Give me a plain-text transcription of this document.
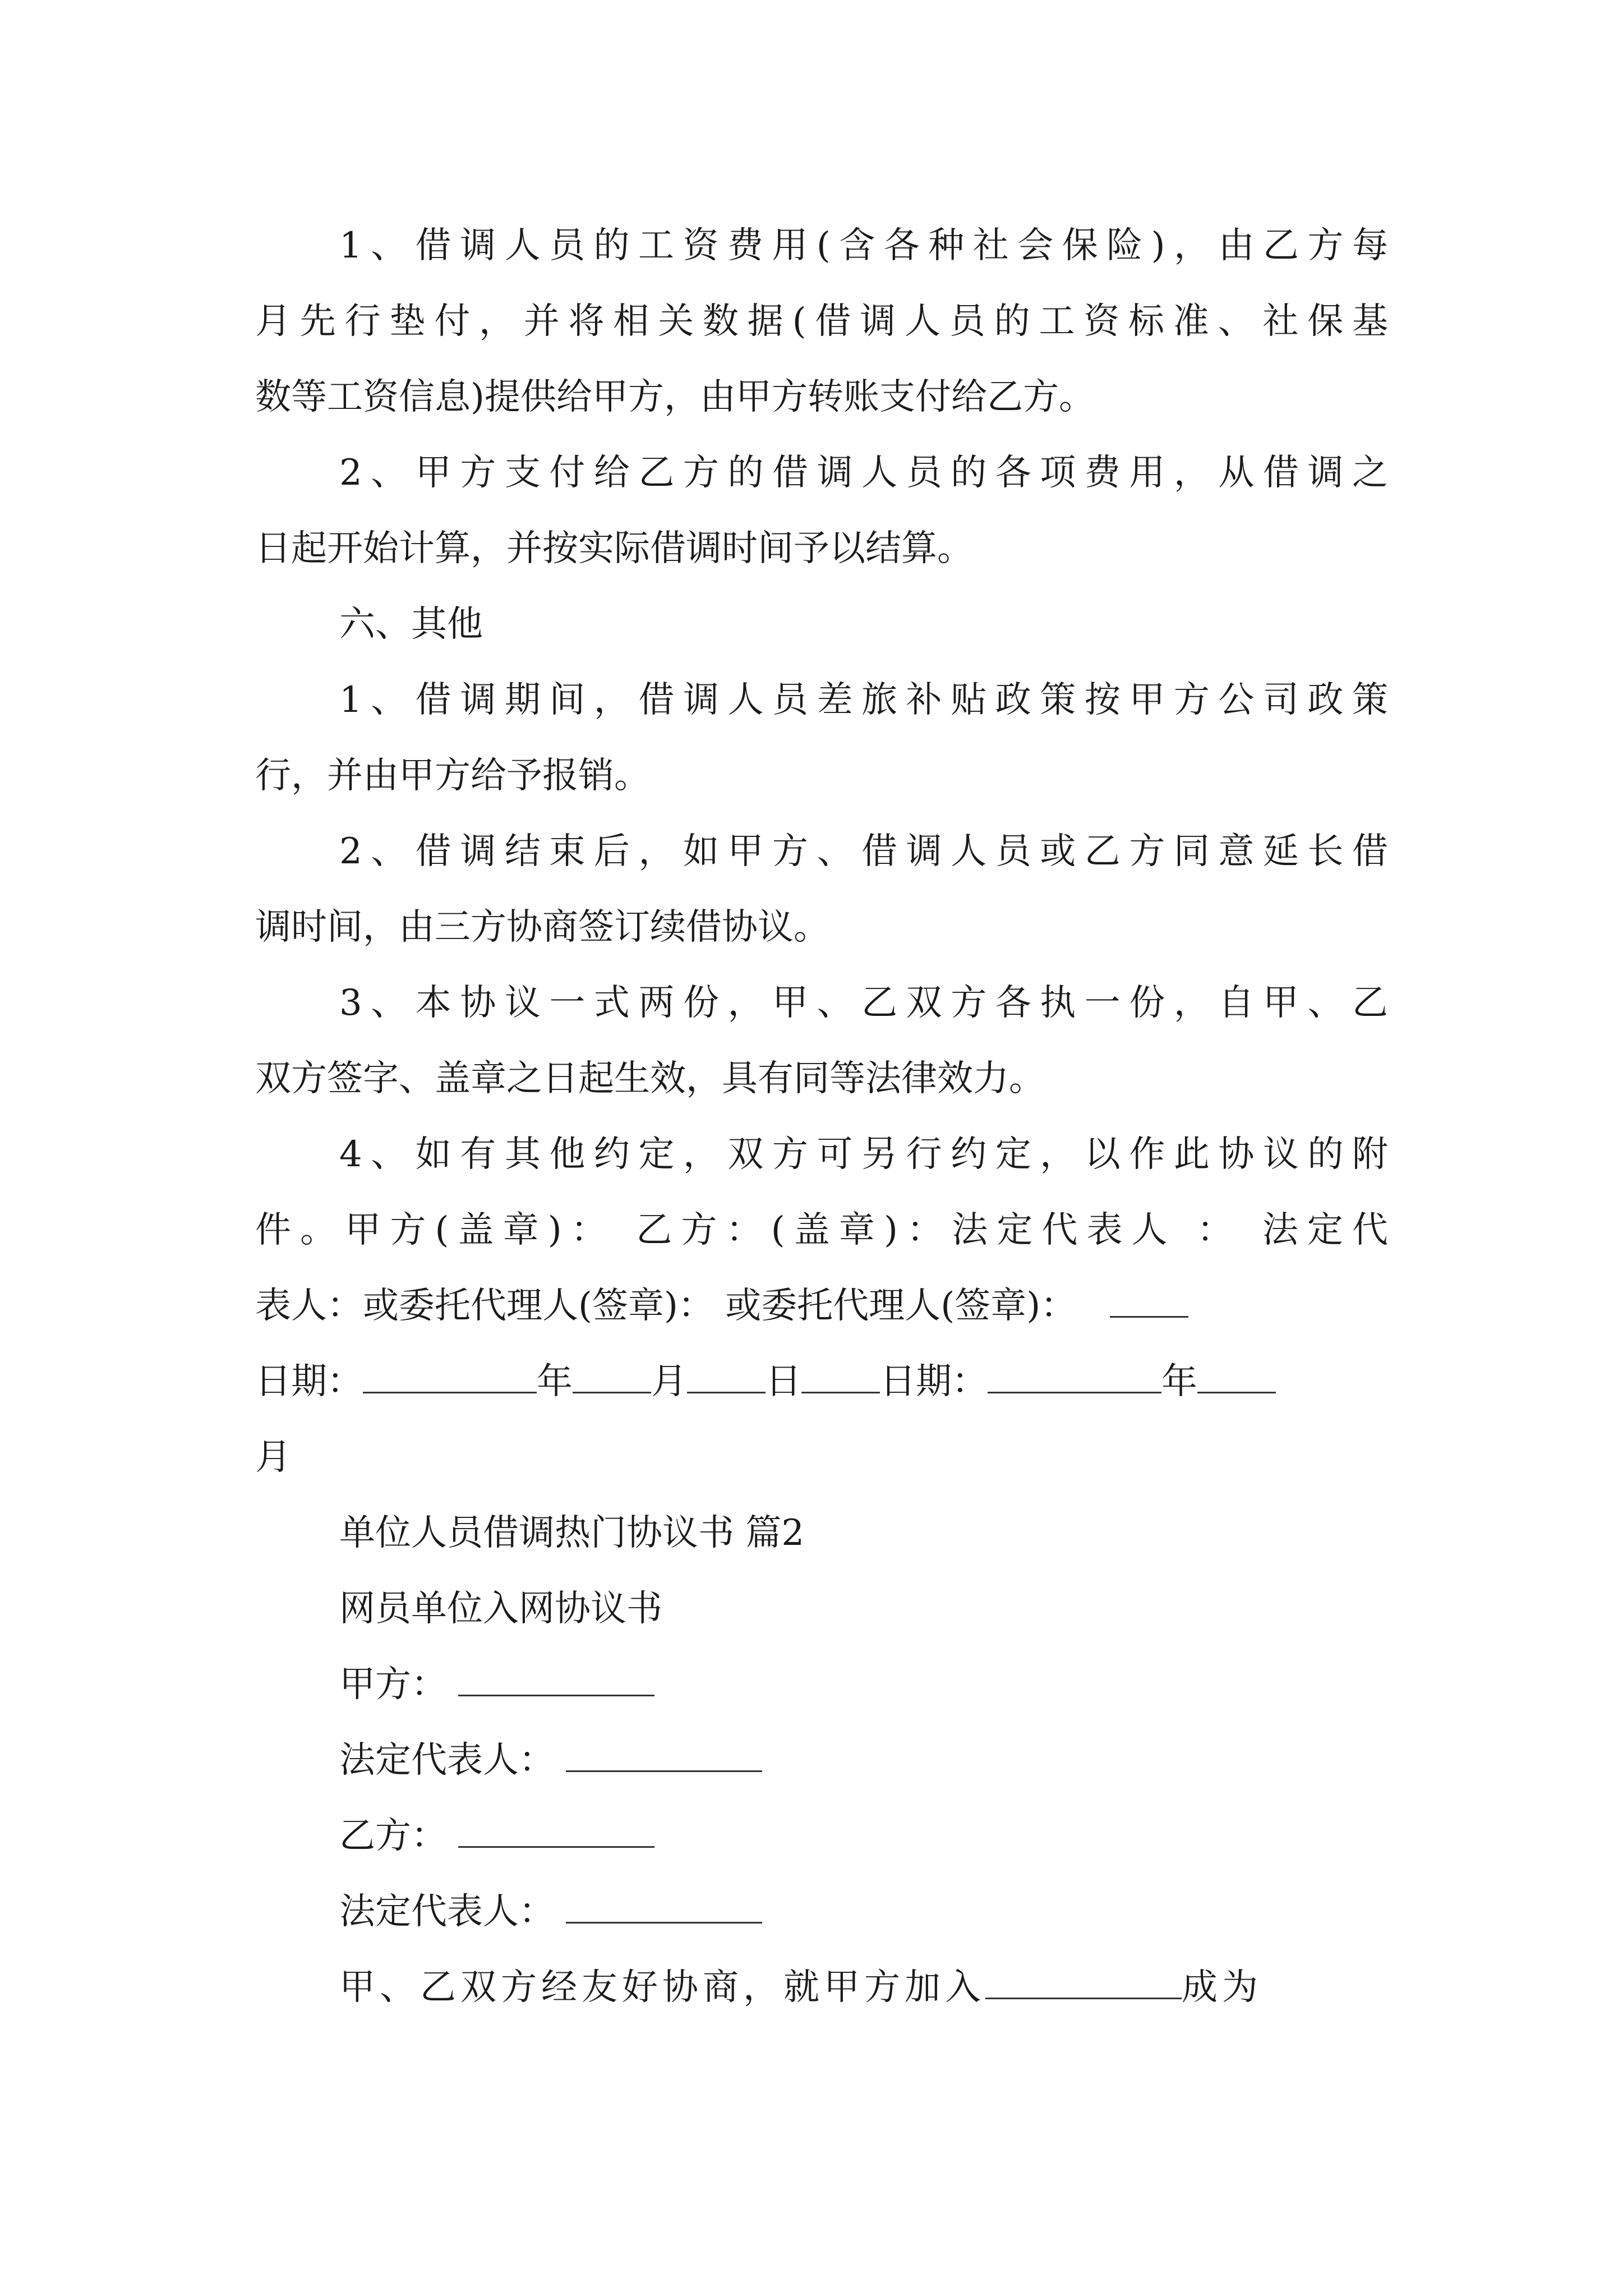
1、借调人员的工资费用(含各种社会保险)，由乙方每
月先行垫付，并将相关数据(借调人员的工资标准、社保基
数等工资信息)提供给甲方，由甲方转账支付给乙方。
2、甲方支付给乙方的借调人员的各项费用，从借调之
日起开始计算，并按实际借调时间予以结算。
六、其他
1、借调期间，借调人员差旅补贴政策按甲方公司政策
行，并由甲方给予报销。
2、借调结束后，如甲方、借调人员或乙方同意延长借
调时间，由三方协商签订续借协议。
3、本协议一式两份，甲、乙双方各执一份，自甲、乙
双方签字、盖章之日起生效，具有同等法律效力。
4、如有其他约定，双方可另行约定，以作此协议的附
件。甲方(盖章)： 乙方：(盖章)：法定代表人 ： 法定代
表人：或委托代理人(签章)： 或委托代理人(签章)：
日期：	年 月 日 日期：	年
月
单位人员借调热门协议书 篇2
网员单位入网协议书
甲方：
法定代表人：
乙方：
法定代表人：
甲、乙双方经友好协商，就甲方加入	成为
